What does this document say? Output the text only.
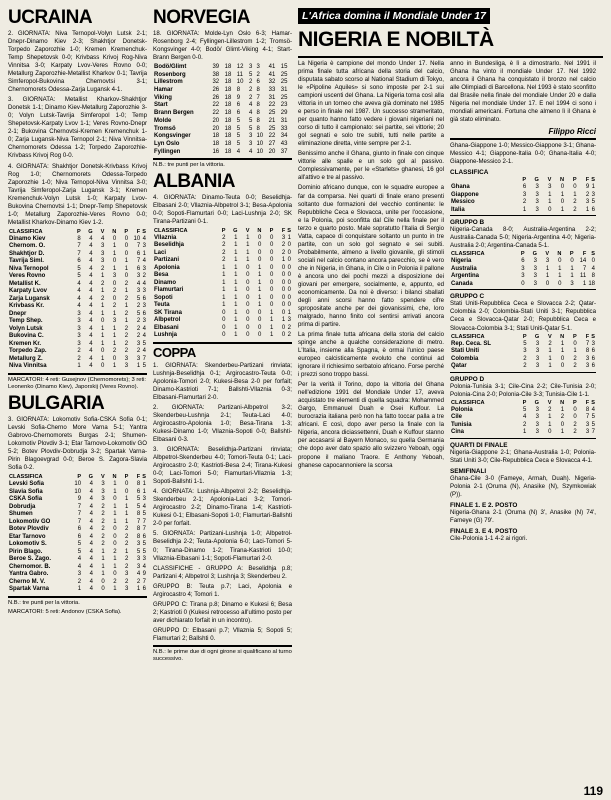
UCRAINA
2. GIORNATA: Niva Ternopol-Volyn Lutsk 2-1; Dnepr-Dinamo Kiev 2-3; Shakhtjor Donetsk-Torpedo Zaporozhie 1-0; Kremen Kremenchuk-Temp Shepetovsk 0-0; Krivbass Krivoj Rog-Niva Vinnitsa 3-0; Karpaty Lvov-Veres Rovno 0-0; Metallurg Zaporozhie-Metallist Kharkov 0-1; Tavrija Simferopol-Bukovina Chernovtsi 3-1; Chernomorets Odessa-Zarja Lugansk 4-1.
3. GIORNATA: Metallist Kharkov-Shakhtjor Donetsk 1-1; Dinamo Kiev-Metallurg Zaporozhie 3-0; Volyn Lutsk-Tavrija Simferopol 1-0; Temp Shepetovsk-Karpaty Lvov 1-1; Veres Rovno-Dnepr 2-1; Bukovina Chernovtsi-Kremen Kremenchuk 1-0; Zarja Lugansk-Niva Ternopol 2-1; Niva Vinnitsa-Chernomorets Odessa 1-2; Torpedo Zaporozhie-Krivbass Krivoj Rog 0-0.
4. GIORNATA: Shakhtjor Donetsk-Krivbass Krivoj Rog 1-0; Chernomorets Odessa-Torpedo Zaporozhie 1-0; Niva Ternopol-Niva Vinnitsa 3-0; Tavrija Simferopol-Zarja Lugansk 3-1; Kremen Kremenchuk-Volyn Lutsk 1-0; Karpaty Lvov-Bukovina Chernovtsi 1-1; Dnepr-Temp Shepetovsk 1-0; Metallurg Zaporozhie-Veres Rovno 0-0; Metallist Kharkov-Dinamo Kiev 1-2.
CLASSIFICA	P	G	V	N	P	F	S
Dinamo Kiev	8	4	4	0	0	10	4
Chernom. O.	7	4	3	1	0	7	3
Shakhtjor D.	7	4	3	1	0	6	1
Tavrija Siml.	6	4	3	0	1	7	4
Niva Ternopol	5	4	2	1	1	6	3
Veres Rovno	5	4	1	3	0	3	2
Metallist K.	4	4	2	0	2	4	4
Karpaty Lvov	4	4	1	2	1	3	3
Zarja Lugansk	4	4	2	0	2	5	6
Krivbass Kr.	4	4	1	2	1	2	3
Dnepr	3	4	1	1	2	5	6
Temp Shep.	3	4	0	3	1	2	3
Volyn Lutsk	3	4	1	1	2	2	4
Bukovina C.	3	4	1	1	2	2	4
Kremen Kr.	3	4	1	1	2	3	5
Torpedo Zap.	2	4	0	2	2	2	4
Metallurg Z.	2	4	1	0	3	3	7
Niva Vinnitsa	1	4	0	1	3	1	5
MARCATORI: 4 reti: Gusejnov (Chernomorets); 3 reti: Leonenko (Dinamo Kiev), Japorskij (Veres Rovno).
BULGARIA
3. GIORNATA: Lokomotiv Sofia-CSKA Sofia 0-1; Levski Sofia-Cherno More Varna 5-1; Yantra Gabrovo-Chernomorets Burgas 2-1; Shumen-Lokomotiv Plovdiv 3-1; Etar Tarnovo-Lokomotiv GO 5-2; Botev Plovdiv-Dobrudja 3-2; Spartak Varna-Pirin Blagoevgrad 0-0; Beroe S. Zagora-Slavia Sofia 0-2.
CLASSIFICA	P	G	V	N	P	F	S
Levski Sofia	10	4	3	1	0	8	1
Slavia Sofia	10	4	3	1	0	6	1
CSKA Sofia	9	4	3	0	1	5	3
Dobrudja	7	4	2	1	1	5	4
Shumen	7	4	2	1	1	8	5
Lokomotiv GO	7	4	2	1	1	7	7
Botev Plovdiv	6	4	2	0	2	8	7
Etar Tarnovo	6	4	2	0	2	8	6
Lokomotiv S.	5	4	2	0	2	3	5
Pirin Blago.	5	4	1	2	1	5	5
Beroe S. Zago.	4	4	1	1	2	3	3
Chernomor. B.	4	4	1	1	2	3	4
Yantra Gabro.	3	4	1	0	3	4	9
Cherno M. V.	2	4	0	2	2	2	7
Spartak Varna	1	4	0	1	3	1	6
N.B.: tre punti per la vittoria.
MARCATORI: 5 reti: Andonov (CSKA Sofia).
NORVEGIA
18. GIORNATA: Molde-Lyn Oslo 6-3; Hamar-Rosenborg 2-4; Fyllingen-Lillestrom 1-2; Tromsö-Kongsvinger 4-0; Bodö/ Glimt-Viking 4-1; Start-Brann Bergen 0-0.
Bodö/Glimt	39	18	12	3	3	41	15
Rosenborg	38	18	11	5	2	41	25
Lillestrom	32	18	10	2	6	32	25
Hamar	26	18	8	2	8	33	31
Viking	26	18	9	2	7	31	25
Start	22	18	6	4	8	22	23
Brann Bergen	22	18	6	4	8	25	29
Molde	20	18	5	5	8	21	31
Tromsö	20	18	5	5	8	25	33
Kongsvinger	18	18	5	3	10	22	34
Lyn Oslo	18	18	5	3	10	27	43
Fyllingen	16	18	4	4	10	20	37
N.B.: tre punti per la vittoria.
ALBANIA
4. GIORNATA: Dinamo-Teuta 0-0; Beselidhja-Elbasani 2-0; Vllaznia-Albpetrol 3-1; Besa-Apolonia 0-0; Sopoti-Flamurtari 0-0; Laci-Lushnja 2-0; SK Tirana-Partizani 0-1.
CLASSIFICA	P	G	V	N	P	F	S
Vllaznia	2	1	1	0	0	3	1
Beselidhja	2	1	1	0	0	2	0
Laci	2	1	1	0	0	2	0
Partizani	2	1	1	0	0	1	0
Apolonia	1	1	0	1	0	0	0
Besa	1	1	0	1	0	0	0
Dinamo	1	1	0	1	0	0	0
Flamurtari	1	1	0	1	0	0	0
Sopoti	1	1	0	1	0	0	0
Teuta	1	1	0	1	0	0	0
SK Tirana	0	1	0	0	1	0	1
Albpetrol	0	1	0	0	1	1	3
Elbasani	0	1	0	0	1	0	2
Lushnja	0	1	0	0	1	0	2
COPPA
1. GIORNATA: Skenderbeu-Partizani rinviata; Lushnja-Beselidhja 0-1; Argirocastro-Teuta 0-0; Apolonia-Tomori 2-0; Kukesi-Besa 2-0 per forfait; Dinamo-Kastrioti 7-1; Ballshti-Vllaznia 0-3; Elbasani-Flamurtari 2-0.
2. GIORNATA: Partizani-Albpetrol 3-2; Skenderbeu-Lushnja 2-1; Teuta-Laci 4-0; Argirocastro-Apolonia 1-0; Besa-Tirana 1-3; Kukesi-Dinamo 1-0; Vllaznia-Sopoti 0-0; Ballshti-Elbasani 0-3.
3. GIORNATA: Beselidhja-Partizani rinviata; Albpetrol-Skenderbeu 4-0; Tomori-Teuta 0-1; Laci-Argirocastro 2-0; Kastrioti-Besa 2-4; Tirana-Kukesi 0-0; Laci-Tomori 5-0; Flamurtari-Vllaznia 1-3; Sopoti-Ballshti 1-1.
4. GIORNATA: Lushnja-Albpetrol 2-2; Beselidhja-Skenderbeu 2-1; Apolonia-Laci 3-2; Tomori-Argirocastro 2-2; Dinamo-Tirana 1-4; Kastrioti-Kukesi 0-1; Elbasani-Sopoti 1-0; Flamurtari-Ballshti 2-0 per forfait.
5. GIORNATA: Partizani-Lushnja 1-0; Albpetrol-Beselidhja 2-2; Teuta-Apolonia 6-0; Laci-Tomori 5-0; Tirana-Dinamo 1-2; Tirana-Kastrioti 10-0; Vllaznia-Elbasani 1-1; Sopoti-Flamurtari 2-0.
CLASSIFICHE - GRUPPO A: Beselidhja p.8; Partizani 4; Albpetrol 3; Lushnja 3; Skenderbeu 2.
GRUPPO B: Teuta p.7; Laci, Apolonia e Argirocastro 4; Tomori 1.
GRUPPO C: Tirana p.8; Dinamo e Kukesi 6; Besa 2; Kastrioti 0 (Kukesi retrocesso all'ultimo posto per aver dichiarato forfait in un incontro).
GRUPPO D: Elbasani p.7; Vllaznia 5; Sopoti 5; Flamurtari 2; Ballshti 0.
N.B.: le prime due di ogni girone si qualificano al turno successivo.
L'Africa domina il Mondiale Under 17
NIGERIA E NOBILTÀ
La Nigeria è campione del mondo Under 17. Nella prima finale tutta africana della storia del calcio, disputata sabato scorso al National Stadium di Tokyo, le «Pipoline Aquiles» si sono imposte per 2-1 sui campioni uscenti del Ghana. La Nigeria torna così alla vittoria in un torneo che aveva già dominato nel 1985 e perso in finale nel 1987. Un successo strameritato, per quanto hanno fatto vedere i giovani nigeriani nel corso di tutto il campionato: sei partite, sei vittorie; 20 gol segnati e solo tre subiti, tutti nelle partite a eliminazione diretta, vinte sempre per 2-1.
Benissimo anche il Ghana, giunto in finale con cinque vittorie alle spalle e un solo gol al passivo. Complessivamente, per le «Starlets» ghanesi, 16 gol all'attivo e tre al passivo.
Dominio africano dunque, con le squadre europee a far da comparsa. Nei quarti di finale erano presenti soltanto due formazioni del vecchio continente: le Repubbliche Ceca e Slovacca, unite per l'occasione, e la Polonia, poi sconfitta dal Cile nella finale per il terzo e quarto posto. Male sopratutto l'Italia di Sergio Vatta, capace di conquistare soltanto un punto in tre partite, con un solo gol segnato e sei subiti. Probabilmente, almeno a livello giovanile, gli stimoli sociali nel calcio contano ancora parecchio, se è vero che in Nigeria, in Ghana, in Cile o in Polonia il pallone è ancora uno dei pochi mezzi a disposizione dei giovani per emergere, socialmente, e, appunto, ed economicamente. Da noi è diverso: i bilanci sballati degli anni scorsi hanno fatto spendere cifre spropositate anche per dei giovanissimi, che, loro malgrado, hanno finito col sentirsi arrivati ancora prima di partire.
La prima finale tutta africana della storia del calcio spinge anche a qualche considerazione di metro. L'Italia, insieme alla Spagna, è ormai l'unico paese europeo calcisticamente evoluto che continui ad ignorare il richiesimo serbatoio africano. Forse perché i prezzi sono troppo bassi.
Per la verità il Torino, dopo la vittoria del Ghana nell'edizione 1991 del Mondiale Under 17, aveva acquistato tre elementi di quella squadra: Mohammed Gargo, Emmanuel Duah e Osei Kuffour. La burocrazia italiana però non ha fatto toccar palla a tre africani. E così, dopo aver perso la finale con la Nigeria, ancora diciassettenni, Duah e Kuffour stanno per accasarsi al Bayern Monaco, su quella Germania che dopo aver dato spazio allo svizzero Yeboah, oggi propone il maliano Traore. E Anthony Yeboah, ghanese capocannoniere la scorsa
anno in Bundesliga, è lì a dimostrarlo. Nel 1991 il Ghana ha vinto il mondiale Under 17. Nel 1992 ancora il Ghana ha conquistato il bronzo nel calcio alle Olimpiadi di Barcellona. Nel 1993 è stato sconfitto dal Brasile nella finale del mondiale Under 20 e dalla Nigeria nel mondiale Under 17. E nel 1994 ci sono i mondiali americani. Fortuna che almeno lì il Ghana è già stato eliminato.
Filippo Ricci
Ghana-Giappone 1-0; Messico-Giappone 3-1; Ghana-Messico 4-1; Giappone-Italia 0-0; Ghana-Italia 4-0; Giappone-Messico 2-1.
CLASSIFICA
	P	G	V	N	P	F	S
Ghana	6	3	3	0	0	9	1
Giappone	3	3	1	1	1	2	3
Messico	2	3	1	0	2	3	5
Italia	1	3	0	1	2	1	6
GRUPPO B
Nigeria-Canada 8-0; Australia-Argentina 2-2; Australia-Canada 5-0; Nigeria-Argentina 4-0; Nigeria-Australia 2-0; Argentina-Canada 5-1.
CLASSIFICA	P	G	V	N	P	F	S
Nigeria	6	3	3	0	0	14	0
Australia	3	3	1	1	1	7	4
Argentina	3	3	1	1	1	11	8
Canada	0	3	0	0	3	1	18
GRUPPO C
Stati Uniti-Repubblica Ceca e Slovacca 2-2; Qatar-Colombia 2-0; Colombia-Stati Uniti 3-1; Repubblica Ceca e Slovacca-Qatar 2-0; Repubblica Ceca e Slovacca-Colombia 3-1; Stati Uniti-Qatar 5-1.
CLASSIFICA	P	G	V	N	P	F	S
Rep. Ceca. SL	5	3	2	1	0	7	3
Stati Uniti	3	3	1	1	1	8	6
Colombia	2	3	1	0	2	3	6
Qatar	2	3	1	0	2	3	6
GRUPPO D
Polonia-Tunisia 3-1; Cile-Cina 2-2; Cile-Tunisia 2-0; Polonia-Cina 2-0; Polonia-Cile 3-3; Tunisia-Cile 1-1.
CLASSIFICA	P	G	V	N	P	F	S
Polonia	5	3	2	1	0	8	4
Cile	4	3	1	2	0	7	5
Tunisia	2	3	1	0	2	3	5
Cina	1	3	0	1	2	3	7
QUARTI DI FINALE
Nigeria-Giappone 2-1; Ghana-Australia 1-0; Polonia-Stati Uniti 3-0; Cile-Repubblica Ceca e Slovacca 4-1.
SEMIFINALI
Ghana-Cile 3-0 (Fameye, Armah, Duah). Nigeria-Polonia 2-1 (Oruma (N), Anasike (N), Szymkowiak (P)).
FINALE 1. E 2. POSTO
Nigeria-Ghana 2-1 (Oruma (N) 3', Anasike (N) 74', Fameye (G) 79'.
FINALE 3. E 4. POSTO
Cile-Polonia 1-1 4-2 ai rigori.
119
